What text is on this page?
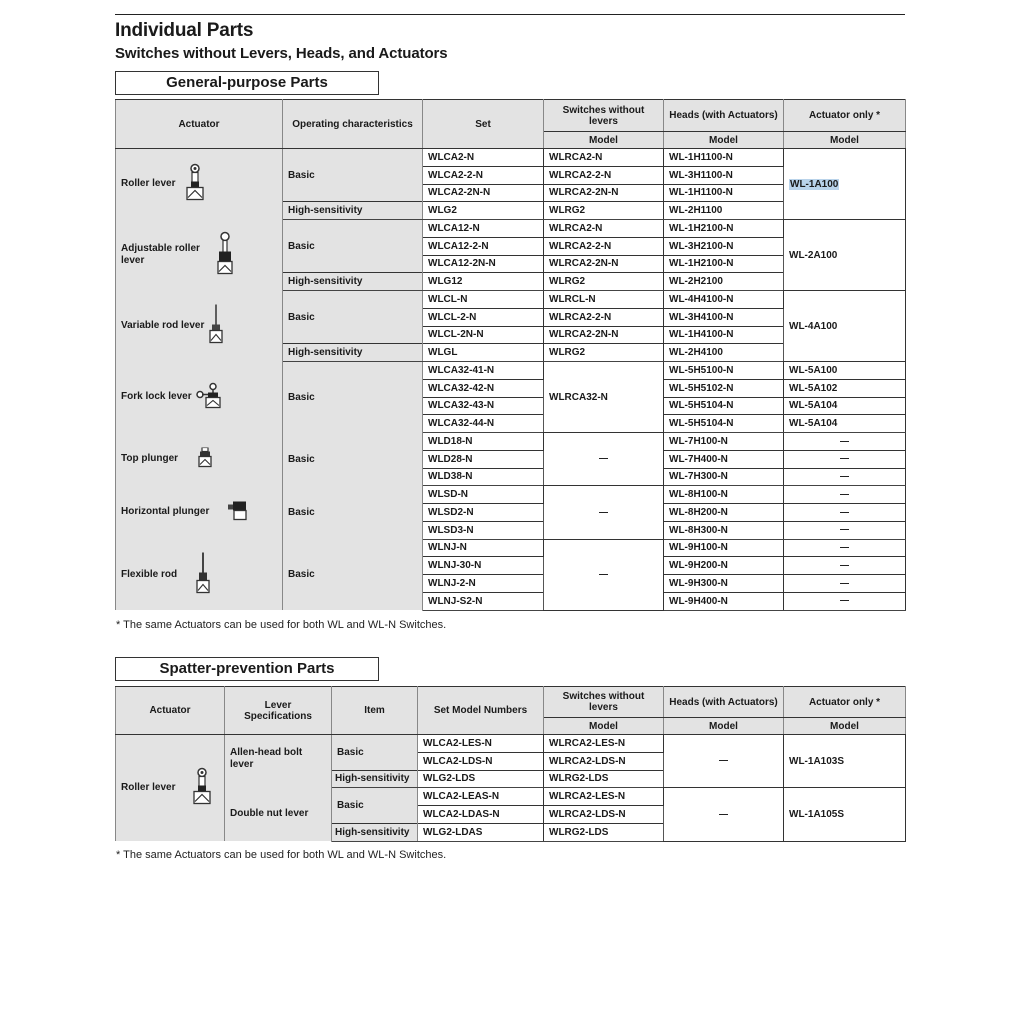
Individual Parts
Switches without Levers, Heads, and Actuators
General-purpose Parts
Actuator	Operating characteristics	Set	Switches without levers	Heads (with Actuators)	Actuator only *
			Model	Model	Model
Roller lever	Basic	WLCA2-N	WLRCA2-N	WL-1H1100-N	WL-1A100
		WLCA2-2-N	WLRCA2-2-N	WL-3H1100-N	
		WLCA2-2N-N	WLRCA2-2N-N	WL-1H1100-N	
	High-sensitivity	WLG2	WLRG2	WL-2H1100	
Adjustable roller lever	Basic	WLCA12-N	WLRCA2-N	WL-1H2100-N	WL-2A100
		WLCA12-2-N	WLRCA2-2-N	WL-3H2100-N	
		WLCA12-2N-N	WLRCA2-2N-N	WL-1H2100-N	
	High-sensitivity	WLG12	WLRG2	WL-2H2100	
Variable rod lever	Basic	WLCL-N	WLRCL-N	WL-4H4100-N	WL-4A100
		WLCL-2-N	WLRCA2-2-N	WL-3H4100-N	
		WLCL-2N-N	WLRCA2-2N-N	WL-1H4100-N	
	High-sensitivity	WLGL	WLRG2	WL-2H4100	
Fork lock lever	Basic	WLCA32-41-N	WLRCA32-N	WL-5H5100-N	WL-5A100
		WLCA32-42-N		WL-5H5102-N	WL-5A102
		WLCA32-43-N		WL-5H5104-N	WL-5A104
		WLCA32-44-N		WL-5H5104-N	WL-5A104
Top plunger	Basic	WLD18-N		WL-7H100-N	
		WLD28-N		WL-7H400-N	
		WLD38-N		WL-7H300-N	
Horizontal plunger	Basic	WLSD-N		WL-8H100-N	
		WLSD2-N		WL-8H200-N	
		WLSD3-N		WL-8H300-N	
Flexible rod	Basic	WLNJ-N		WL-9H100-N	
		WLNJ-30-N		WL-9H200-N	
		WLNJ-2-N		WL-9H300-N	
		WLNJ-S2-N		WL-9H400-N	
* The same Actuators can be used for both WL and WL-N Switches.
Spatter-prevention Parts
Actuator	Lever Specifications	Item	Set Model Numbers	Switches without levers	Heads (with Actuators)	Actuator only *
				Model	Model	Model
Roller lever	Allen-head bolt lever	Basic	WLCA2-LES-N	WLRCA2-LES-N		WL-1A103S
			WLCA2-LDS-N	WLRCA2-LDS-N		
		High-sensitivity	WLG2-LDS	WLRG2-LDS		
	Double nut lever	Basic	WLCA2-LEAS-N	WLRCA2-LES-N		WL-1A105S
			WLCA2-LDAS-N	WLRCA2-LDS-N		
		High-sensitivity	WLG2-LDAS	WLRG2-LDS		
* The same Actuators can be used for both WL and WL-N Switches.
